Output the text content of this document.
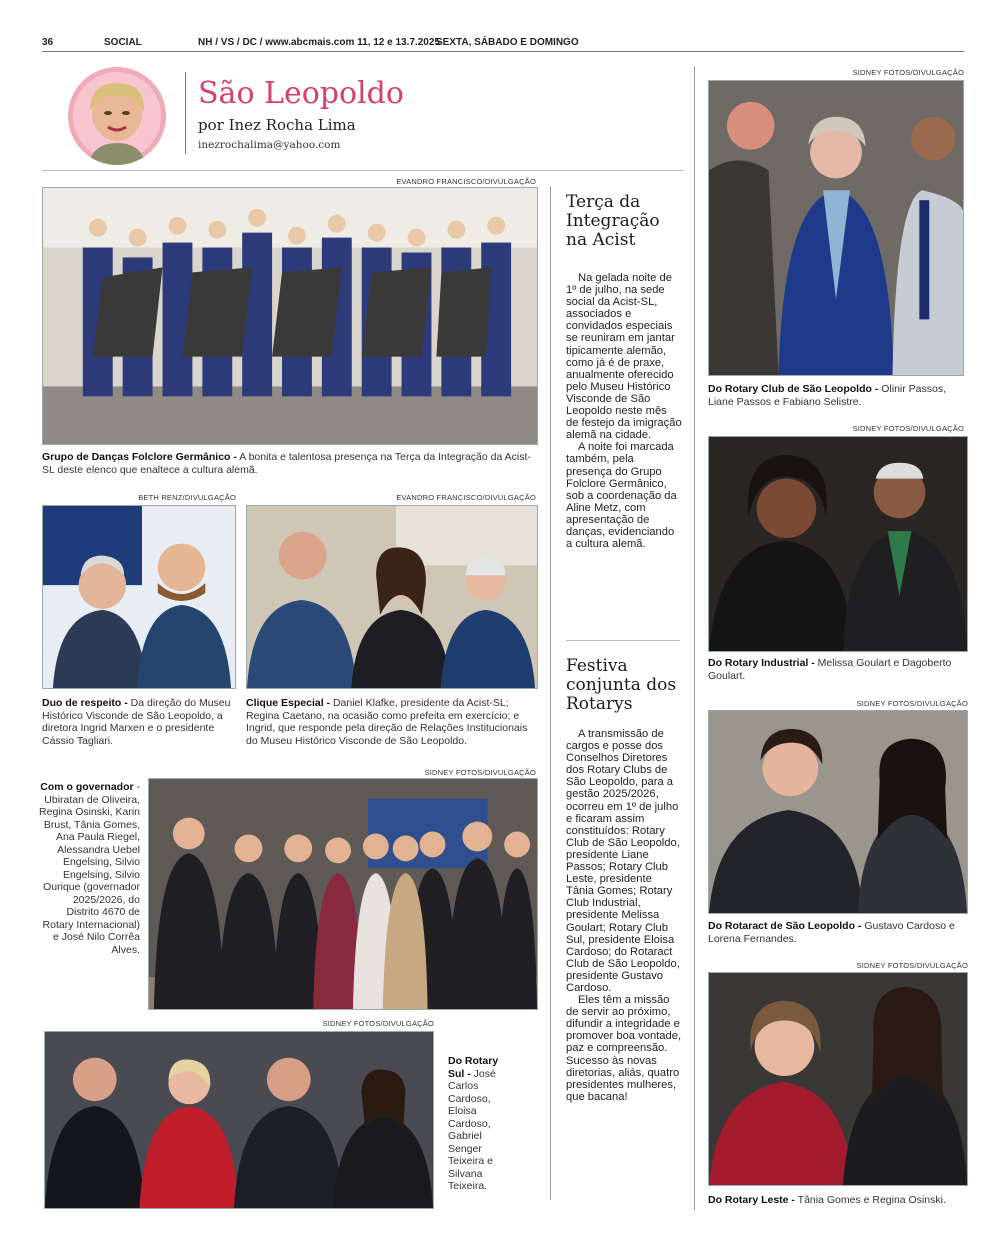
36	SOCIAL	NH / VS / DC / www.abcmais.com 11, 12 e 13.7.2025
SEXTA, SÁBADO E DOMINGO
São Leopoldo
por Inez Rocha Lima
inezrochalima@yahoo.com
EVANDRO FRANCISCO/DIVULGAÇÃO
Grupo de Danças Folclore Germânico - A bonita e talentosa presença na Terça da Integração da Acist-SL deste elenco que enaltece a cultura alemã.
BETH RENZ/DIVULGAÇÃO
Duo de respeito - Da direção do Museu Histórico Visconde de São Leopoldo, a diretora Ingrid Marxen e o presidente Cássio Tagliari.
EVANDRO FRANCISCO/DIVULGAÇÃO
Clique Especial - Daniel Klafke, presidente da Acist-SL; Regina Caetano, na ocasião como prefeita em exercício; e Ingrid, que responde pela direção de Relações Institucionais do Museu Histórico Visconde de São Leopoldo.
SIDNEY FOTOS/DIVULGAÇÃO
Com o governador - Ubiratan de Oliveira, Regina Osinski, Karin Brust, Tânia Gomes, Ana Paula Riegel, Alessandra Uebel Engelsing, Silvio Engelsing, Silvio Ourique (governador 2025/2026, do Distrito 4670 de Rotary Internacional) e José Nilo Corrêa Alves.
SIDNEY FOTOS/DIVULGAÇÃO
Do Rotary Sul - José Carlos Cardoso, Eloisa Cardoso, Gabriel Senger Teixeira e Silvana Teixeira.
Terça da Integração na Acist

Na gelada noite de 1º de julho, na sede social da Acist-SL, associados e convidados especiais se reuniram em jantar tipicamente alemão, como já é de praxe, anualmente oferecido pelo Museu Histórico Visconde de São Leopoldo neste mês de festejo da imigração alemã na cidade.

A noite foi marcada também, pela presença do Grupo Folclore Germânico, sob a coordenação da Aline Metz, com apresentação de danças, evidenciando a cultura alemã.

Festiva conjunta dos Rotarys

A transmissão de cargos e posse dos Conselhos Diretores dos Rotary Clubs de São Leopoldo, para a gestão 2025/2026, ocorreu em 1º de julho e ficaram assim constituídos: Rotary Club de São Leopoldo, presidente Liane Passos; Rotary Club Leste, presidente Tânia Gomes; Rotary Club Industrial, presidente Melissa Goulart; Rotary Club Sul, presidente Eloisa Cardoso; do Rotaract Club de São Leopoldo, presidente Gustavo Cardoso.

Eles têm a missão de servir ao próximo, difundir a integridade e promover boa vontade, paz e compreensão. Sucesso às novas diretorias, aliás, quatro presidentes mulheres, que bacana!

SIDNEY FOTOS/DIVULGAÇÃO
Do Rotary Club de São Leopoldo - Olinir Passos, Liane Passos e Fabiano Selistre.
SIDNEY FOTOS/DIVULGAÇÃO
Do Rotary Industrial - Melissa Goulart e Dagoberto Goulart.
SIDNEY FOTOS/DIVULGAÇÃO
Do Rotaract de São Leopoldo - Gustavo Cardoso e Lorena Fernandes.
SIDNEY FOTOS/DIVULGAÇÃO
Do Rotary Leste - Tânia Gomes e Regina Osinski.
